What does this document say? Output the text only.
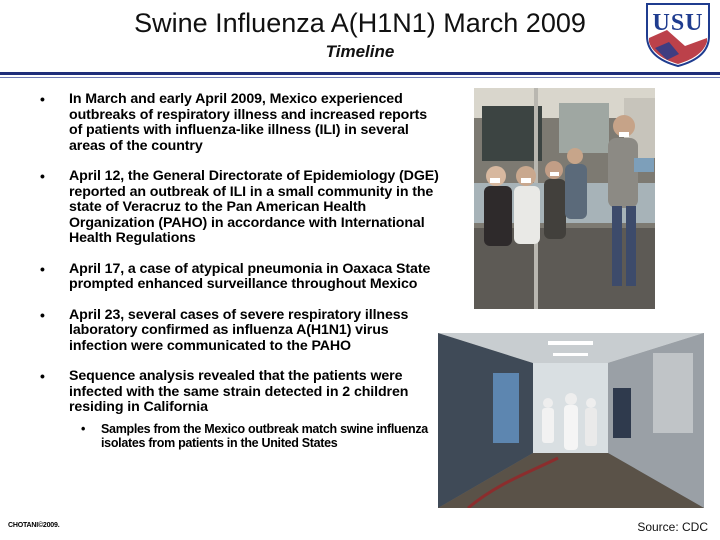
Swine Influenza A(H1N1) March 2009
Timeline
USU
• In March and early April 2009, Mexico experienced outbreaks of respiratory illness and increased reports of patients with influenza-like illness (ILI) in several areas of the country
• April 12, the General Directorate of Epidemiology (DGE) reported an outbreak of ILI in a small community in the state of Veracruz to the Pan American Health Organization (PAHO) in accordance with International Health Regulations
• April 17, a case of atypical pneumonia in Oaxaca State prompted enhanced surveillance throughout Mexico
• April 23, several cases of severe respiratory illness laboratory confirmed as influenza A(H1N1) virus infection were communicated to the PAHO
• Sequence analysis revealed that the patients were infected with the same strain detected in 2 children residing in California
• Samples from the Mexico outbreak match swine influenza isolates from patients in the United States
CHOTANI©2009.	Source: CDC
